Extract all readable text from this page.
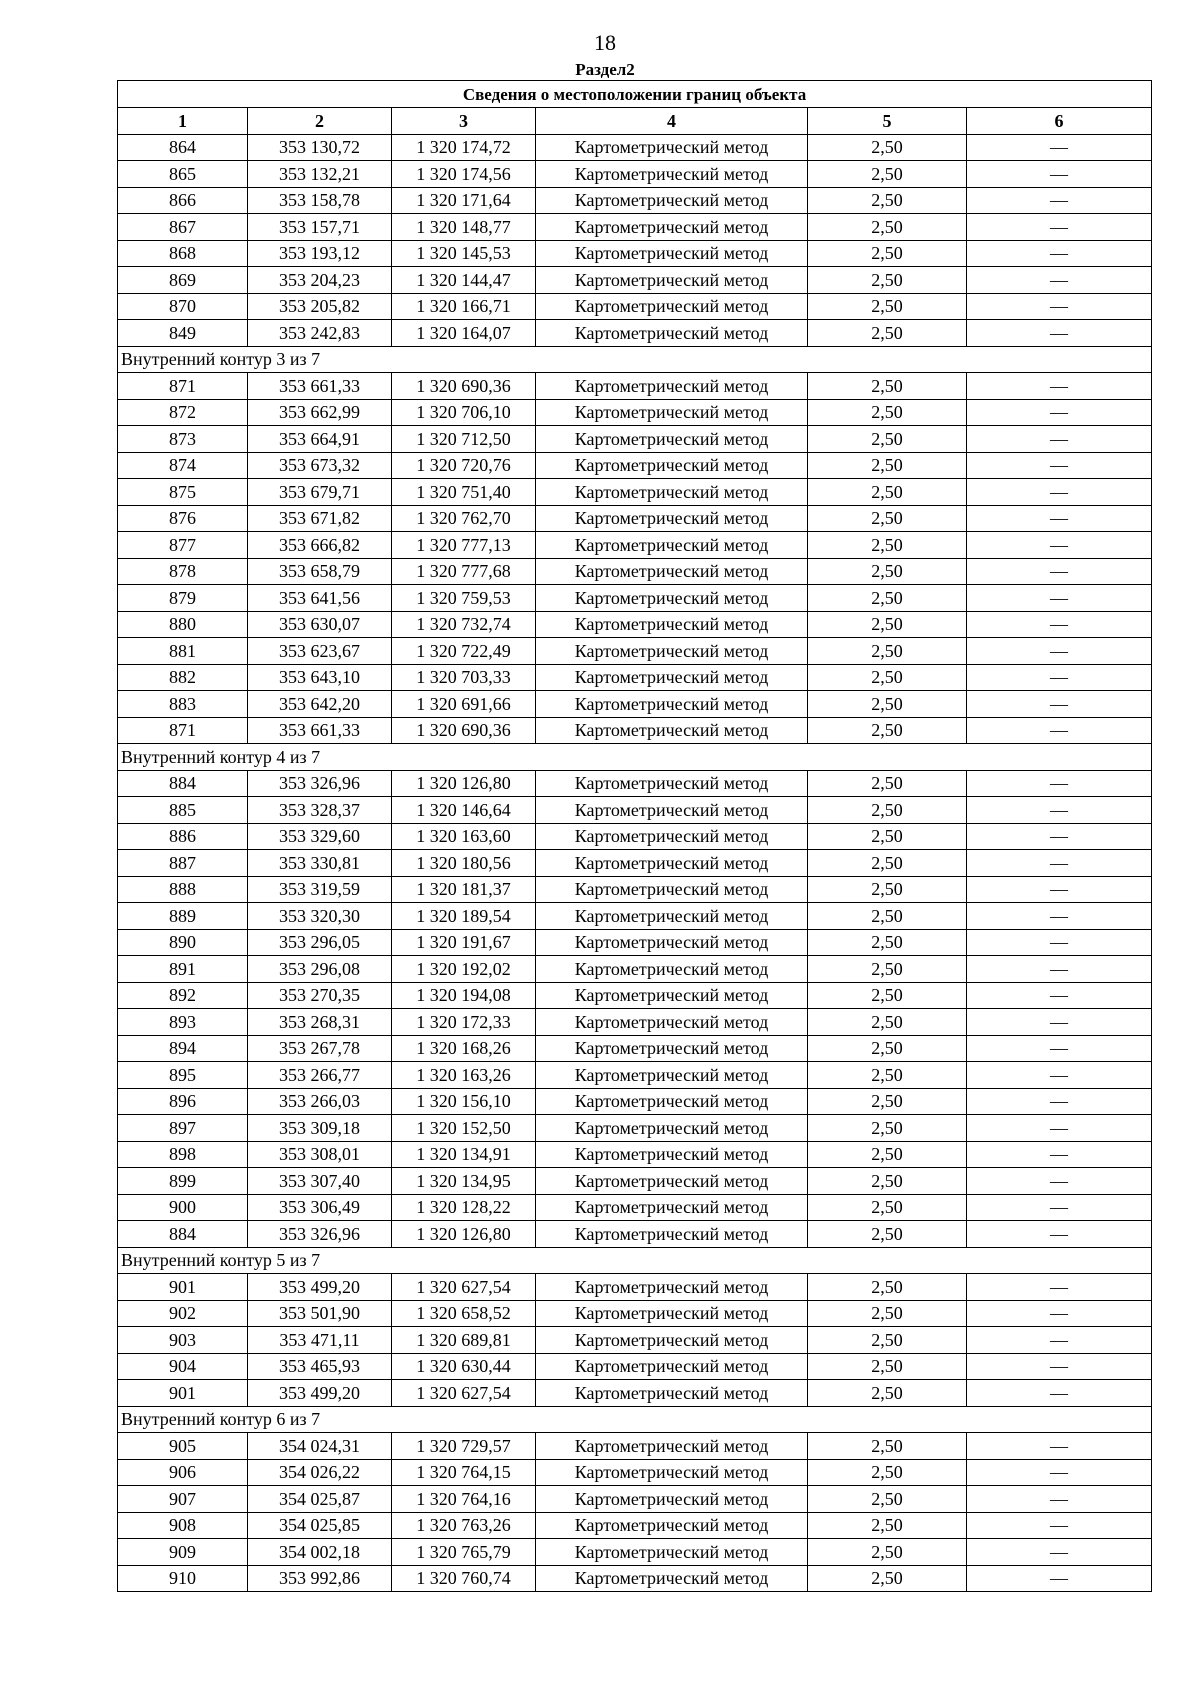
18
Раздел2
Сведения о местоположении границ объекта					
1	2	3	4	5	6
864	353 130,72	1 320 174,72	Картометрический метод	2,50	—
865	353 132,21	1 320 174,56	Картометрический метод	2,50	—
866	353 158,78	1 320 171,64	Картометрический метод	2,50	—
867	353 157,71	1 320 148,77	Картометрический метод	2,50	—
868	353 193,12	1 320 145,53	Картометрический метод	2,50	—
869	353 204,23	1 320 144,47	Картометрический метод	2,50	—
870	353 205,82	1 320 166,71	Картометрический метод	2,50	—
849	353 242,83	1 320 164,07	Картометрический метод	2,50	—
Внутренний контур 3 из 7					
871	353 661,33	1 320 690,36	Картометрический метод	2,50	—
872	353 662,99	1 320 706,10	Картометрический метод	2,50	—
873	353 664,91	1 320 712,50	Картометрический метод	2,50	—
874	353 673,32	1 320 720,76	Картометрический метод	2,50	—
875	353 679,71	1 320 751,40	Картометрический метод	2,50	—
876	353 671,82	1 320 762,70	Картометрический метод	2,50	—
877	353 666,82	1 320 777,13	Картометрический метод	2,50	—
878	353 658,79	1 320 777,68	Картометрический метод	2,50	—
879	353 641,56	1 320 759,53	Картометрический метод	2,50	—
880	353 630,07	1 320 732,74	Картометрический метод	2,50	—
881	353 623,67	1 320 722,49	Картометрический метод	2,50	—
882	353 643,10	1 320 703,33	Картометрический метод	2,50	—
883	353 642,20	1 320 691,66	Картометрический метод	2,50	—
871	353 661,33	1 320 690,36	Картометрический метод	2,50	—
Внутренний контур 4 из 7					
884	353 326,96	1 320 126,80	Картометрический метод	2,50	—
885	353 328,37	1 320 146,64	Картометрический метод	2,50	—
886	353 329,60	1 320 163,60	Картометрический метод	2,50	—
887	353 330,81	1 320 180,56	Картометрический метод	2,50	—
888	353 319,59	1 320 181,37	Картометрический метод	2,50	—
889	353 320,30	1 320 189,54	Картометрический метод	2,50	—
890	353 296,05	1 320 191,67	Картометрический метод	2,50	—
891	353 296,08	1 320 192,02	Картометрический метод	2,50	—
892	353 270,35	1 320 194,08	Картометрический метод	2,50	—
893	353 268,31	1 320 172,33	Картометрический метод	2,50	—
894	353 267,78	1 320 168,26	Картометрический метод	2,50	—
895	353 266,77	1 320 163,26	Картометрический метод	2,50	—
896	353 266,03	1 320 156,10	Картометрический метод	2,50	—
897	353 309,18	1 320 152,50	Картометрический метод	2,50	—
898	353 308,01	1 320 134,91	Картометрический метод	2,50	—
899	353 307,40	1 320 134,95	Картометрический метод	2,50	—
900	353 306,49	1 320 128,22	Картометрический метод	2,50	—
884	353 326,96	1 320 126,80	Картометрический метод	2,50	—
Внутренний контур 5 из 7					
901	353 499,20	1 320 627,54	Картометрический метод	2,50	—
902	353 501,90	1 320 658,52	Картометрический метод	2,50	—
903	353 471,11	1 320 689,81	Картометрический метод	2,50	—
904	353 465,93	1 320 630,44	Картометрический метод	2,50	—
901	353 499,20	1 320 627,54	Картометрический метод	2,50	—
Внутренний контур 6 из 7					
905	354 024,31	1 320 729,57	Картометрический метод	2,50	—
906	354 026,22	1 320 764,15	Картометрический метод	2,50	—
907	354 025,87	1 320 764,16	Картометрический метод	2,50	—
908	354 025,85	1 320 763,26	Картометрический метод	2,50	—
909	354 002,18	1 320 765,79	Картометрический метод	2,50	—
910	353 992,86	1 320 760,74	Картометрический метод	2,50	—
